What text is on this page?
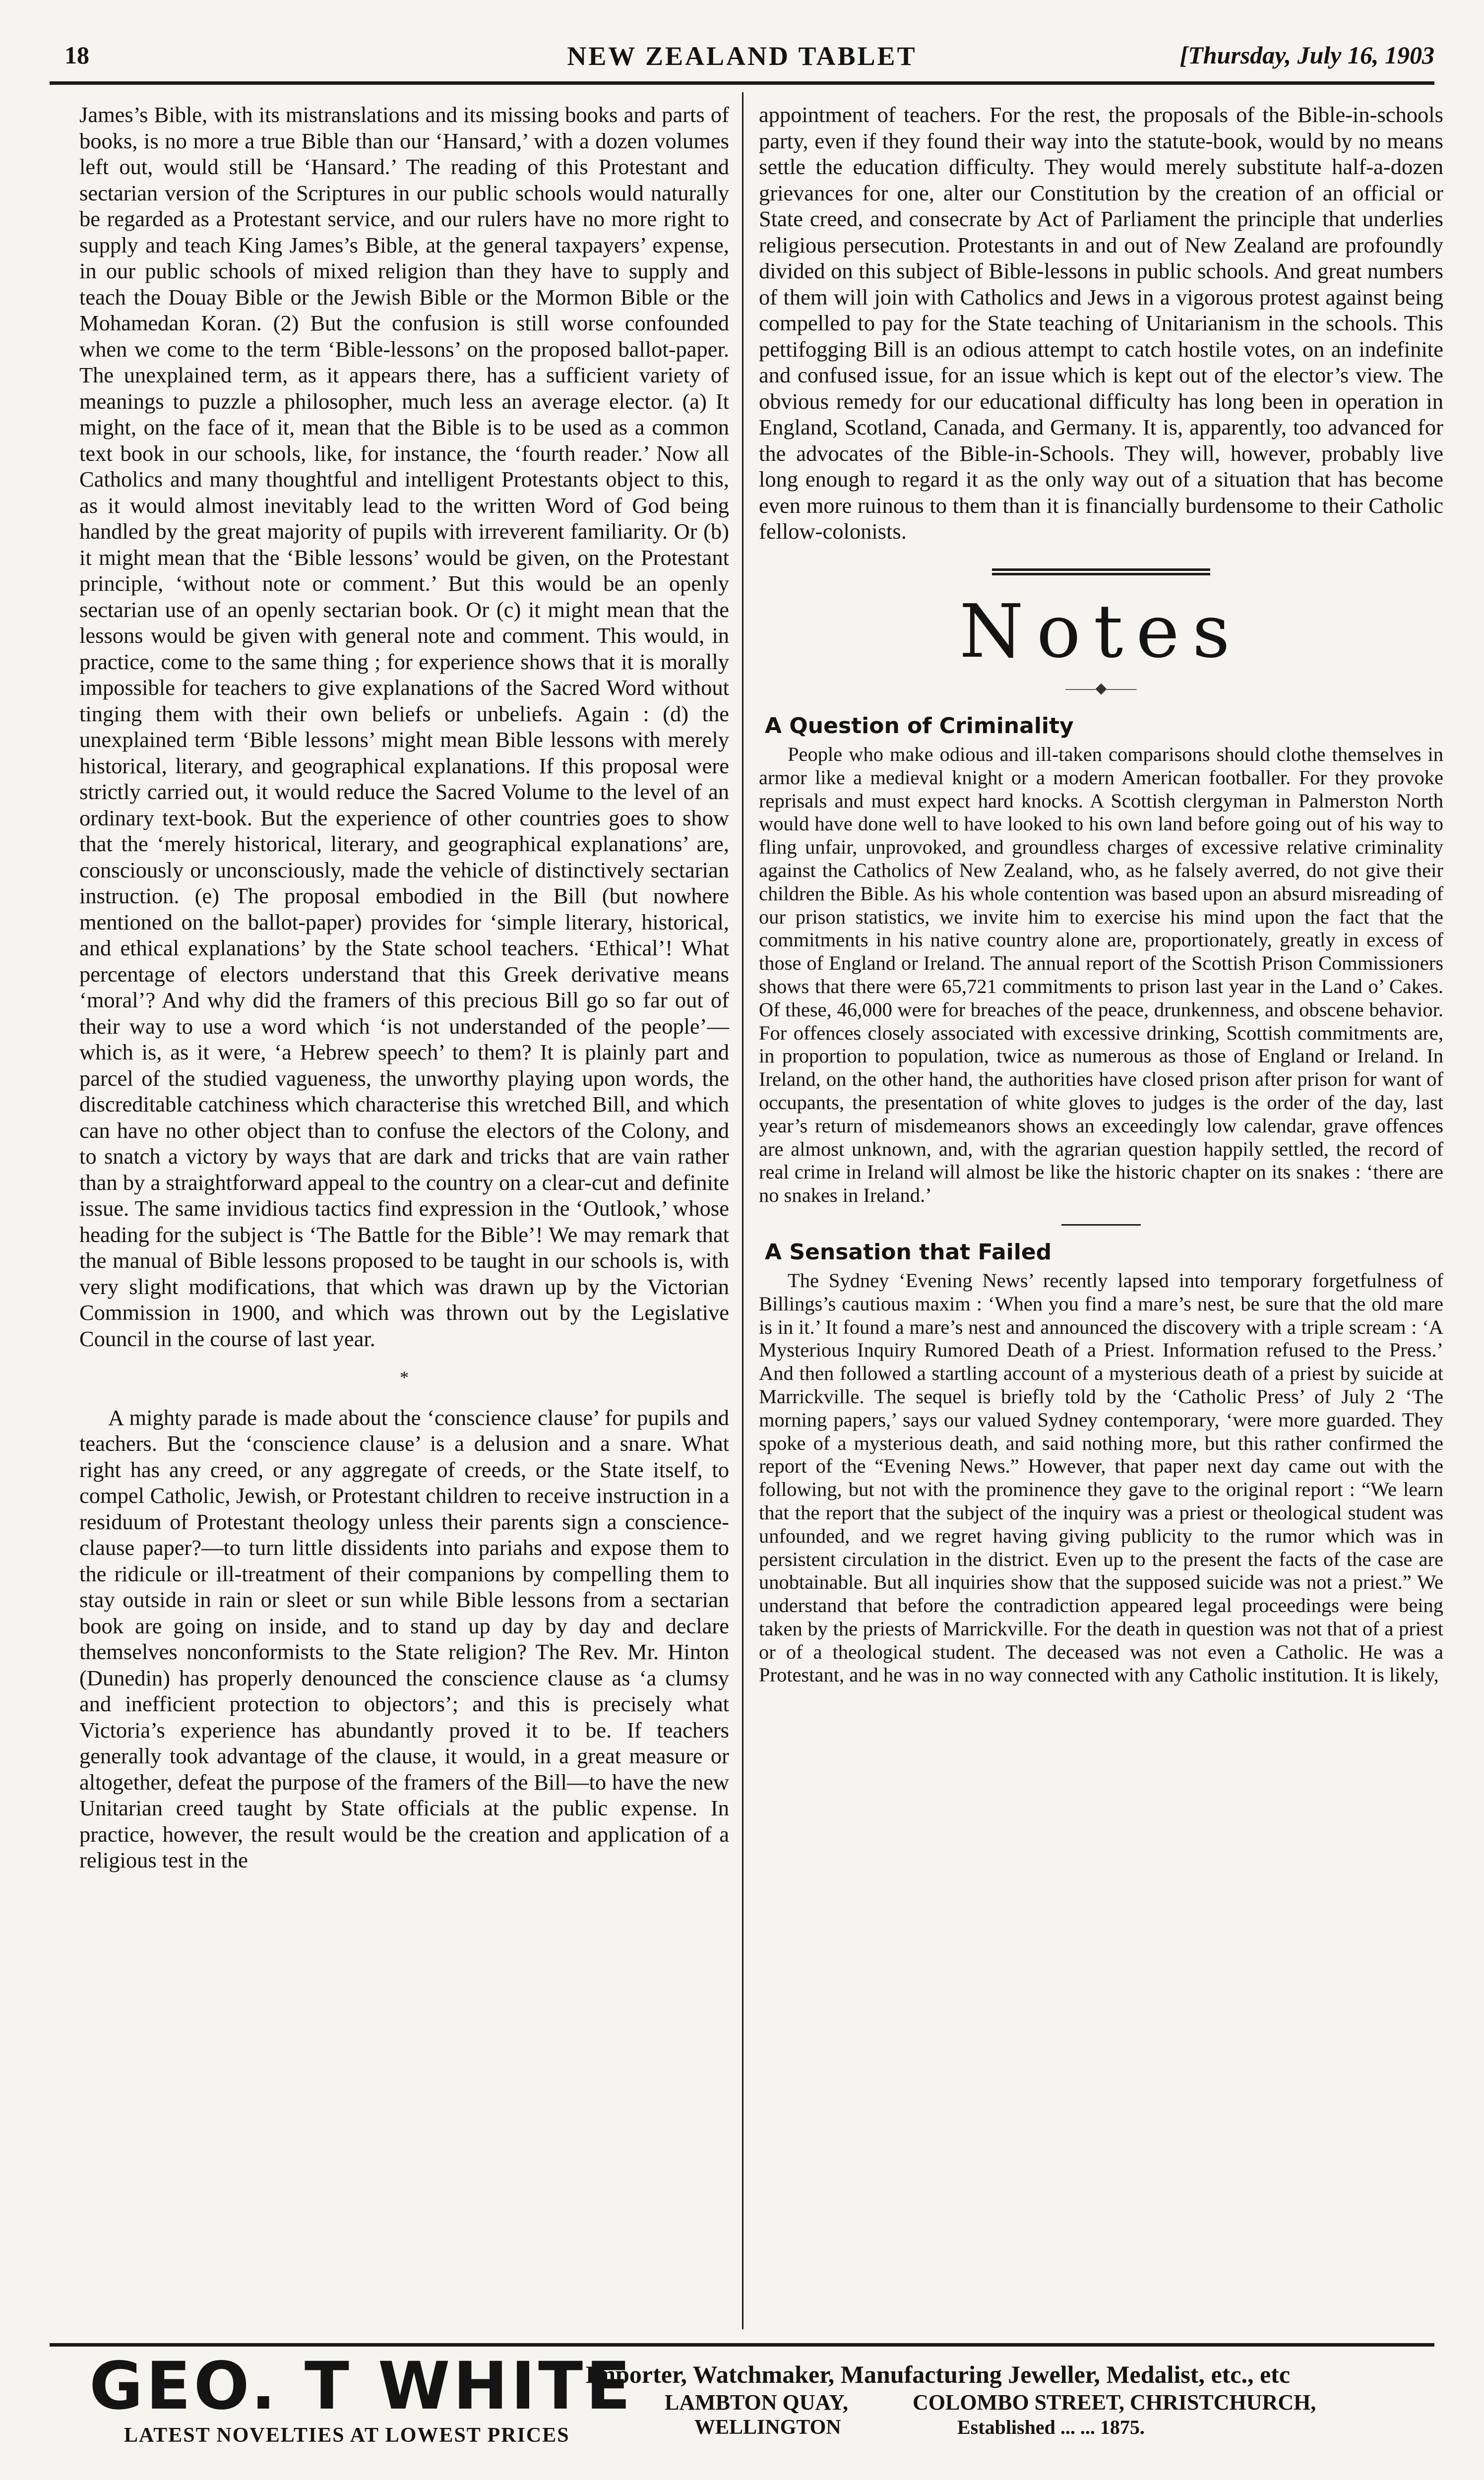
18	NEW ZEALAND TABLET	[Thursday, July 16, 1903

James’s Bible, with its mistranslations and its missing books and parts of books, is no more a true Bible than our ‘Hansard,’ with a dozen volumes left out, would still be ‘Hansard.’ The reading of this Protestant and sectarian version of the Scriptures in our public schools would naturally be regarded as a Protestant service, and our rulers have no more right to supply and teach King James’s Bible, at the general taxpayers’ expense, in our public schools of mixed religion than they have to supply and teach the Douay Bible or the Jewish Bible or the Mormon Bible or the Mohamedan Koran. (2) But the confusion is still worse confounded when we come to the term ‘Bible-lessons’ on the proposed ballot-paper. The unexplained term, as it appears there, has a sufficient variety of meanings to puzzle a philosopher, much less an average elector. (a) It might, on the face of it, mean that the Bible is to be used as a common text book in our schools, like, for instance, the ‘fourth reader.’ Now all Catholics and many thoughtful and intelligent Protestants object to this, as it would almost inevitably lead to the written Word of God being handled by the great majority of pupils with irreverent familiarity. Or (b) it might mean that the ‘Bible lessons’ would be given, on the Protestant principle, ‘without note or comment.’ But this would be an openly sectarian use of an openly sectarian book. Or (c) it might mean that the lessons would be given with general note and comment. This would, in practice, come to the same thing ; for experience shows that it is morally impossible for teachers to give explanations of the Sacred Word without tinging them with their own beliefs or unbeliefs. Again : (d) the unexplained term ‘Bible lessons’ might mean Bible lessons with merely historical, literary, and geographical explanations. If this proposal were strictly carried out, it would reduce the Sacred Volume to the level of an ordinary text-book. But the experience of other countries goes to show that the ‘merely historical, literary, and geographical explanations’ are, consciously or unconsciously, made the vehicle of distinctively sectarian instruction. (e) The proposal embodied in the Bill (but nowhere mentioned on the ballot-paper) provides for ‘simple literary, historical, and ethical explanations’ by the State school teachers. ‘Ethical’! What percentage of electors understand that this Greek derivative means ‘moral’? And why did the framers of this precious Bill go so far out of their way to use a word which ‘is not understanded of the people’—which is, as it were, ‘a Hebrew speech’ to them? It is plainly part and parcel of the studied vagueness, the unworthy playing upon words, the discreditable catchiness which characterise this wretched Bill, and which can have no other object than to confuse the electors of the Colony, and to snatch a victory by ways that are dark and tricks that are vain rather than by a straightforward appeal to the country on a clear-cut and definite issue. The same invidious tactics find expression in the ‘Outlook,’ whose heading for the subject is ‘The Battle for the Bible’! We may remark that the manual of Bible lessons proposed to be taught in our schools is, with very slight modifications, that which was drawn up by the Victorian Commission in 1900, and which was thrown out by the Legislative Council in the course of last year.

*

A mighty parade is made about the ‘conscience clause’ for pupils and teachers. But the ‘conscience clause’ is a delusion and a snare. What right has any creed, or any aggregate of creeds, or the State itself, to compel Catholic, Jewish, or Protestant children to receive instruction in a residuum of Protestant theology unless their parents sign a conscience-clause paper?—to turn little dissidents into pariahs and expose them to the ridicule or ill-treatment of their companions by compelling them to stay outside in rain or sleet or sun while Bible lessons from a sectarian book are going on inside, and to stand up day by day and declare themselves nonconformists to the State religion? The Rev. Mr. Hinton (Dunedin) has properly denounced the conscience clause as ‘a clumsy and inefficient protection to objectors’; and this is precisely what Victoria’s experience has abundantly proved it to be. If teachers generally took advantage of the clause, it would, in a great measure or altogether, defeat the purpose of the framers of the Bill—to have the new Unitarian creed taught by State officials at the public expense. In practice, however, the result would be the creation and application of a religious test in the

appointment of teachers. For the rest, the proposals of the Bible-in-schools party, even if they found their way into the statute-book, would by no means settle the education difficulty. They would merely substitute half-a-dozen grievances for one, alter our Constitution by the creation of an official or State creed, and consecrate by Act of Parliament the principle that underlies religious persecution. Protestants in and out of New Zealand are profoundly divided on this subject of Bible-lessons in public schools. And great numbers of them will join with Catholics and Jews in a vigorous protest against being compelled to pay for the State teaching of Unitarianism in the schools. This pettifogging Bill is an odious attempt to catch hostile votes, on an indefinite and confused issue, for an issue which is kept out of the elector’s view. The obvious remedy for our educational difficulty has long been in operation in England, Scotland, Canada, and Germany. It is, apparently, too advanced for the advocates of the Bible-in-Schools. They will, however, probably live long enough to regard it as the only way out of a situation that has become even more ruinous to them than it is financially burdensome to their Catholic fellow-colonists.

Notes
——◆——
A Question of Criminality

People who make odious and ill-taken comparisons should clothe themselves in armor like a medieval knight or a modern American footballer. For they provoke reprisals and must expect hard knocks. A Scottish clergyman in Palmerston North would have done well to have looked to his own land before going out of his way to fling unfair, unprovoked, and groundless charges of excessive relative criminality against the Catholics of New Zealand, who, as he falsely averred, do not give their children the Bible. As his whole contention was based upon an absurd misreading of our prison statistics, we invite him to exercise his mind upon the fact that the commitments in his native country alone are, proportionately, greatly in excess of those of England or Ireland. The annual report of the Scottish Prison Commissioners shows that there were 65,721 commitments to prison last year in the Land o’ Cakes. Of these, 46,000 were for breaches of the peace, drunkenness, and obscene behavior. For offences closely associated with excessive drinking, Scottish commitments are, in proportion to population, twice as numerous as those of England or Ireland. In Ireland, on the other hand, the authorities have closed prison after prison for want of occupants, the presentation of white gloves to judges is the order of the day, last year’s return of misdemeanors shows an exceedingly low calendar, grave offences are almost unknown, and, with the agrarian question happily settled, the record of real crime in Ireland will almost be like the historic chapter on its snakes : ‘there are no snakes in Ireland.’

A Sensation that Failed

The Sydney ‘Evening News’ recently lapsed into temporary forgetfulness of Billings’s cautious maxim : ‘When you find a mare’s nest, be sure that the old mare is in it.’ It found a mare’s nest and announced the discovery with a triple scream : ‘A Mysterious Inquiry Rumored Death of a Priest. Information refused to the Press.’ And then followed a startling account of a mysterious death of a priest by suicide at Marrickville. The sequel is briefly told by the ‘Catholic Press’ of July 2 ‘The morning papers,’ says our valued Sydney contemporary, ‘were more guarded. They spoke of a mysterious death, and said nothing more, but this rather confirmed the report of the “Evening News.” However, that paper next day came out with the following, but not with the prominence they gave to the original report : “We learn that the report that the subject of the inquiry was a priest or theological student was unfounded, and we regret having giving publicity to the rumor which was in persistent circulation in the district. Even up to the present the facts of the case are unobtainable. But all inquiries show that the supposed suicide was not a priest.” We understand that before the contradiction appeared legal proceedings were being taken by the priests of Marrickville. For the death in question was not that of a priest or of a theological student. The deceased was not even a Catholic. He was a Protestant, and he was in no way connected with any Catholic institution. It is likely,

GEO. T WHITE
LATEST NOVELTIES AT LOWEST PRICES
Importer, Watchmaker, Manufacturing Jeweller, Medalist, etc., etc
LAMBTON QUAY,	COLOMBO STREET, CHRISTCHURCH,
WELLINGTON	Established ... ... 1875.
